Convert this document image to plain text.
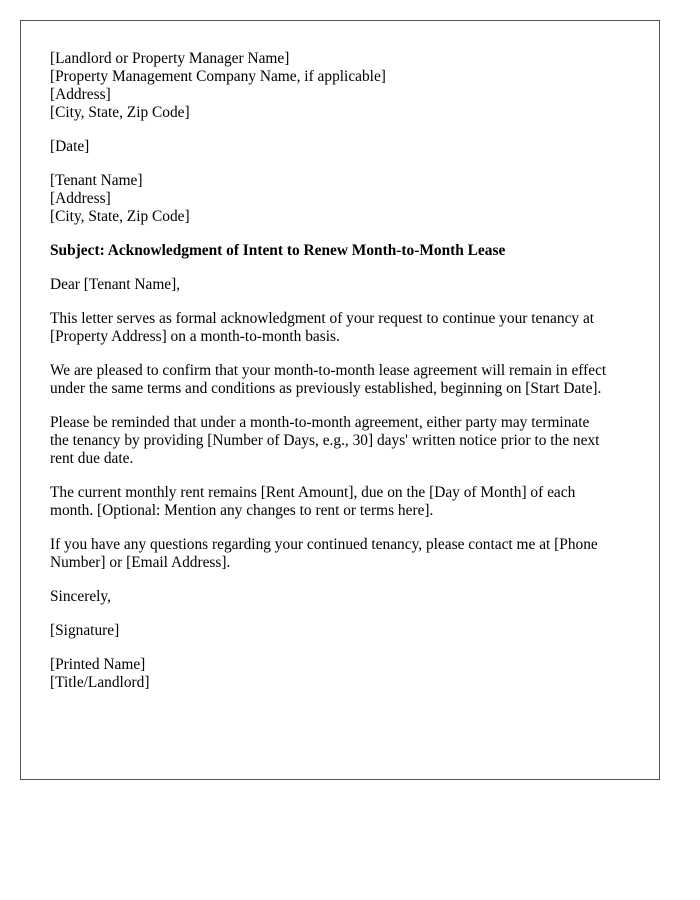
[Landlord or Property Manager Name]
[Property Management Company Name, if applicable]
[Address]
[City, State, Zip Code]
[Date]
[Tenant Name]
[Address]
[City, State, Zip Code]
Subject: Acknowledgment of Intent to Renew Month-to-Month Lease
Dear [Tenant Name],
This letter serves as formal acknowledgment of your request to continue your tenancy at
[Property Address] on a month-to-month basis.
We are pleased to confirm that your month-to-month lease agreement will remain in effect
under the same terms and conditions as previously established, beginning on [Start Date].
Please be reminded that under a month-to-month agreement, either party may terminate
the tenancy by providing [Number of Days, e.g., 30] days' written notice prior to the next
rent due date.
The current monthly rent remains [Rent Amount], due on the [Day of Month] of each
month. [Optional: Mention any changes to rent or terms here].
If you have any questions regarding your continued tenancy, please contact me at [Phone
Number] or [Email Address].
Sincerely,
[Signature]
[Printed Name]
[Title/Landlord]
